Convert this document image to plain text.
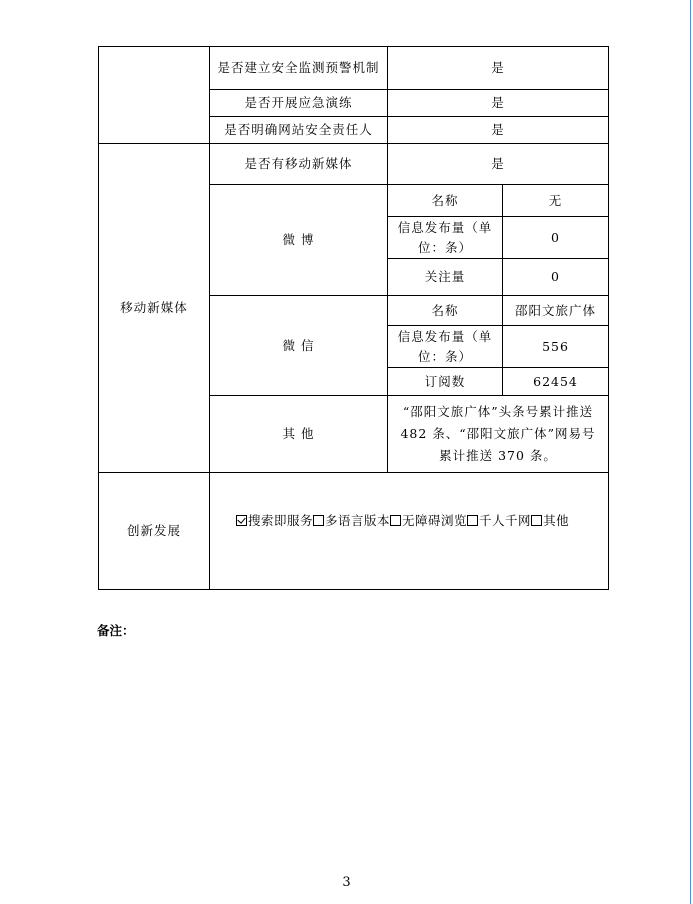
	是否建立安全监测预警机制	是	
	是否开展应急演练	是	
	是否明确网站安全责任人	是	
移动新媒体	是否有移动新媒体	是	
	微 博	名称	无
		信息发布量（单位：条）	0
		关注量	0
	微 信	名称	邵阳文旅广体
		信息发布量（单位：条）	556
		订阅数	62454
	其 他	“邵阳文旅广体”头条号累计推送 482 条、“邵阳文旅广体”网易号累计推送 370 条。	
创新发展	搜索即服务 多语言版本 无障碍浏览 千人千网 其他		
备注：
3
